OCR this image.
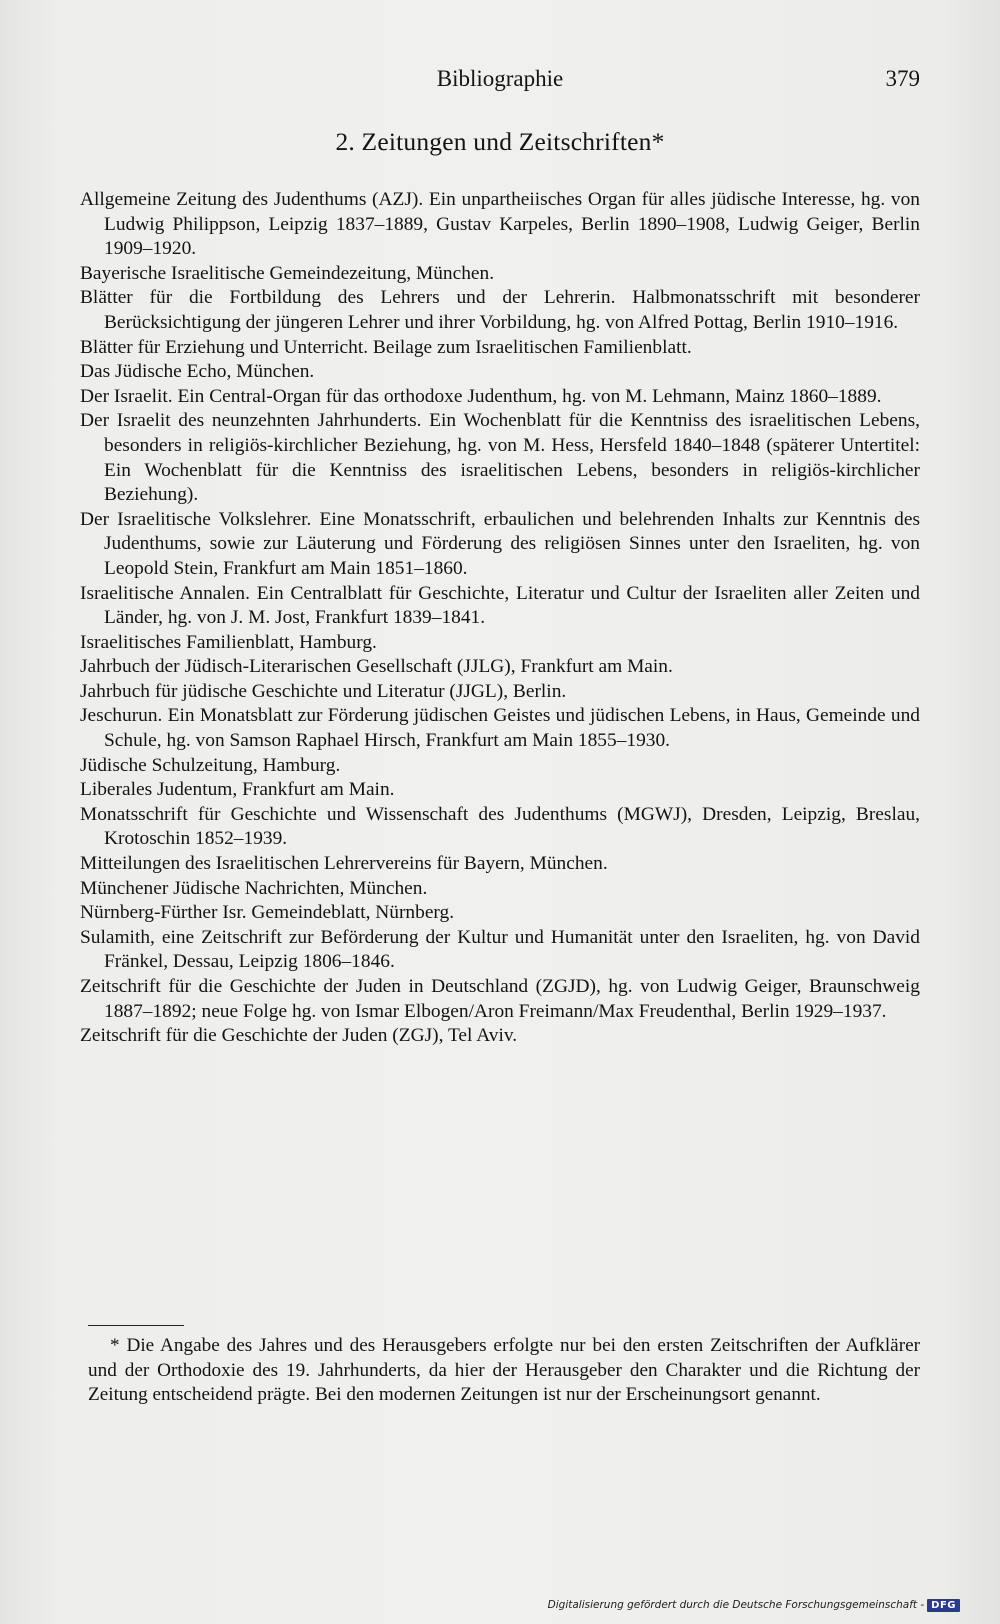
Bibliographie	379
2. Zeitungen und Zeitschriften*
Allgemeine Zeitung des Judenthums (AZJ). Ein unpartheiisches Organ für alles jüdische Interesse, hg. von Ludwig Philippson, Leipzig 1837–1889, Gustav Karpeles, Berlin 1890–1908, Ludwig Geiger, Berlin 1909–1920.
Bayerische Israelitische Gemeindezeitung, München.
Blätter für die Fortbildung des Lehrers und der Lehrerin. Halbmonatsschrift mit besonderer Berücksichtigung der jüngeren Lehrer und ihrer Vorbildung, hg. von Alfred Pottag, Berlin 1910–1916.
Blätter für Erziehung und Unterricht. Beilage zum Israelitischen Familienblatt.
Das Jüdische Echo, München.
Der Israelit. Ein Central-Organ für das orthodoxe Judenthum, hg. von M. Lehmann, Mainz 1860–1889.
Der Israelit des neunzehnten Jahrhunderts. Ein Wochenblatt für die Kenntniss des israelitischen Lebens, besonders in religiös-kirchlicher Beziehung, hg. von M. Hess, Hersfeld 1840–1848 (späterer Untertitel: Ein Wochenblatt für die Kenntniss des israelitischen Lebens, besonders in religiös-kirchlicher Beziehung).
Der Israelitische Volkslehrer. Eine Monatsschrift, erbaulichen und belehrenden Inhalts zur Kenntnis des Judenthums, sowie zur Läuterung und Förderung des religiösen Sinnes unter den Israeliten, hg. von Leopold Stein, Frankfurt am Main 1851–1860.
Israelitische Annalen. Ein Centralblatt für Geschichte, Literatur und Cultur der Israeliten aller Zeiten und Länder, hg. von J. M. Jost, Frankfurt 1839–1841.
Israelitisches Familienblatt, Hamburg.
Jahrbuch der Jüdisch-Literarischen Gesellschaft (JJLG), Frankfurt am Main.
Jahrbuch für jüdische Geschichte und Literatur (JJGL), Berlin.
Jeschurun. Ein Monatsblatt zur Förderung jüdischen Geistes und jüdischen Lebens, in Haus, Gemeinde und Schule, hg. von Samson Raphael Hirsch, Frankfurt am Main 1855–1930.
Jüdische Schulzeitung, Hamburg.
Liberales Judentum, Frankfurt am Main.
Monatsschrift für Geschichte und Wissenschaft des Judenthums (MGWJ), Dresden, Leipzig, Breslau, Krotoschin 1852–1939.
Mitteilungen des Israelitischen Lehrervereins für Bayern, München.
Münchener Jüdische Nachrichten, München.
Nürnberg-Fürther Isr. Gemeindeblatt, Nürnberg.
Sulamith, eine Zeitschrift zur Beförderung der Kultur und Humanität unter den Israeliten, hg. von David Fränkel, Dessau, Leipzig 1806–1846.
Zeitschrift für die Geschichte der Juden in Deutschland (ZGJD), hg. von Ludwig Geiger, Braunschweig 1887–1892; neue Folge hg. von Ismar Elbogen/Aron Freimann/Max Freudenthal, Berlin 1929–1937.
Zeitschrift für die Geschichte der Juden (ZGJ), Tel Aviv.

* Die Angabe des Jahres und des Herausgebers erfolgte nur bei den ersten Zeitschriften der Aufklärer und der Orthodoxie des 19. Jahrhunderts, da hier der Herausgeber den Charakter und die Richtung der Zeitung entscheidend prägte. Bei den modernen Zeitungen ist nur der Erscheinungsort genannt.

Digitalisierung gefördert durch die Deutsche Forschungsgemeinschaft - DFG
